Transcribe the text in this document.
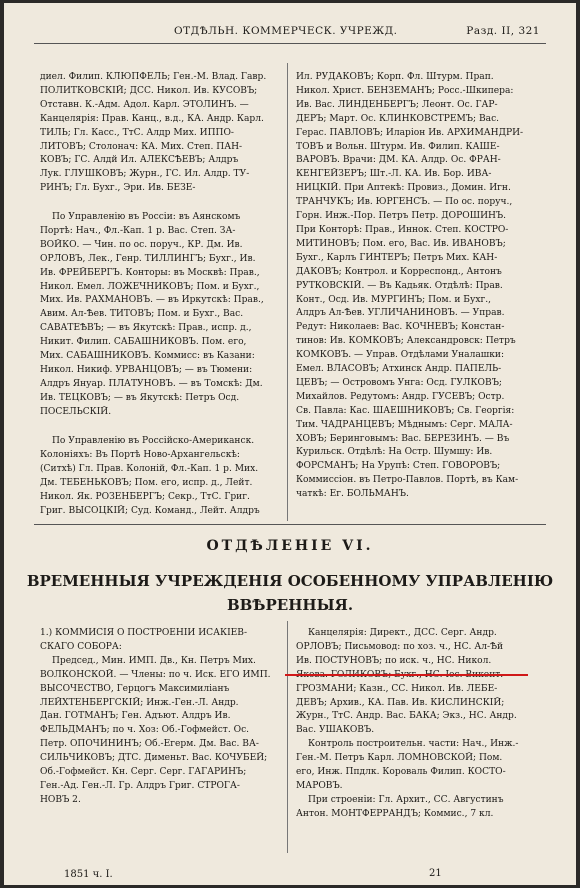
ОТДѢЛЬН. КОММЕРЧЕСК. УЧРЕЖД.	Разд. II, 321

диел. Филип. КЛЮПФЕЛЬ; Ген.-М. Влад. Гавр.

ПОЛИТКОВСКІЙ; ДСС. Никол. Ив. КУСОВЪ;

Отставн. К.-Адм. Адол. Карл. ЭТОЛИНЪ. —

Канцелярія: Прав. Канц., в.д., КА. Андр. Карл.

ТИЛЬ; Гл. Касс., ТтС. Алдр Мих. ИППО-

ЛИТОВЪ; Столонач: КА. Мих. Степ. ПАН-

КОВЪ; ГС. Алдй Ил. АЛЕКСѢЕВЪ; Алдръ

Лук. ГЛУШКОВЪ; Журн., ГС. Ил. Алдр. ТУ-

РИНЪ; Гл. Бухг., Эри. Ив. БЕЗЕ-

По Управленію въ Россіи: въ Аянскомъ

Портѣ: Нач., Фл.-Кап. 1 р. Вас. Степ. ЗА-

ВОЙКО. — Чин. по ос. поруч., КР. Дм. Ив.

ОРЛОВЪ, Лек., Генр. ТИЛЛИНГЪ; Бухг., Ив.

Ив. ФРЕЙБЕРГЪ. Конторы: въ Москвѣ: Прав.,

Никол. Емел. ЛОЖЕЧНИКОВЪ; Пом. и Бухг.,

Мих. Ив. РАХМАНОВЪ. — въ Иркутскѣ: Прав.,

Авим. Ал-Ѣев. ТИТОВЪ; Пом. и Бухг., Вас.

САВАТЕѢВЪ; — въ Якутскѣ: Прав., испр. д.,

Никит. Филип. САБАШНИКОВЪ. Пом. его,

Мих. САБАШНИКОВЪ. Коммисс: въ Казани:

Никол. Никиф. УРВАНЦОВЪ; — въ Тюмени:

Алдръ Януар. ПЛАТУНОВЪ. — въ Томскѣ: Дм.

Ив. ТЕЦКОВЪ; — въ Якутскѣ: Петръ Осд.

ПОСЕЛЬСКІЙ.

По Управленію въ Россійско-Американск.

Колоніяхъ: Въ Портѣ Ново-Архангельскѣ:

(Ситхѣ) Гл. Прав. Колоній, Фл.-Кап. 1 р. Мих.

Дм. ТЕБЕНЬКОВЪ; Пом. его, испр. д., Лейт.

Никол. Як. РОЗЕНБЕРГЪ; Секр., ТтС. Григ.

Григ. ВЫСОЦКІЙ; Суд. Команд., Лейт. Алдръ

Ил. РУДАКОВЪ; Корп. Фл. Штурм. Прап.

Никол. Христ. БЕНЗЕМАНЪ; Росс.-Шкипера:

Ив. Вас. ЛИНДЕНБЕРГЪ; Леонт. Ос. ГАР-

ДЕРЪ; Март. Ос. КЛИНКОВСТРЕМЪ; Вас.

Герас. ПАВЛОВЪ; Иларіон Ив. АРХИМАНДРИ-

ТОВЪ и Вольн. Штурм. Ив. Филип. КАШЕ-

ВАРОВЪ. Врачи: ДМ. КА. Алдр. Ос. ФРАН-

КЕНГЕЙЗЕРЪ; Шт.-Л. КА. Ив. Бор. ИВА-

НИЦКІЙ. При Аптекѣ: Провиз., Домин. Игн.

ТРАНЧУКЪ; Ив. ЮРГЕНСЪ. — По ос. поруч.,

Горн. Инж.-Пор. Петръ Петр. ДОРОШИНЪ.

При Конторѣ: Прав., Иннок. Степ. КОСТРО-

МИТИНОВЪ; Пом. его, Вас. Ив. ИВАНОВЪ;

Бухг., Карлъ ГИНТЕРЪ; Петръ Мих. КАН-

ДАКОВЪ; Контрол. и Корреспонд., Антонъ

РУТКОВСКІЙ. — Въ Кадьяк. Отдѣлѣ: Прав.

Конт., Осд. Ив. МУРГИНЪ; Пом. и Бухг.,

Алдръ Ал-Ѣев. УГЛИЧАНИНОВЪ. — Управ.

Редут: Николаев: Вас. КОЧНЕВЪ; Констан-

тинов: Ив. КОМКОВЪ; Александровск: Петръ

КОМКОВЪ. — Управ. Отдѣлами Уналашки:

Емел. ВЛАСОВЪ; Атхинск Андр. ПАПЕЛЬ-

ЦЕВЪ; — Островомъ Унга: Осд. ГУЛКОВЪ;

Михайлов. Редутомъ: Андр. ГУСЕВЪ; Остр.

Св. Павла: Кас. ШАЕШНИКОВЪ; Св. Георгія:

Тим. ЧАДРАНЦЕВЪ; Мѣднымъ: Серг. МАЛА-

ХОВЪ; Беринговымъ: Вас. БЕРЕЗИНЪ. — Въ

Курильск. Отдѣлѣ: На Остр. Шумшу: Ив.

ФОРСМАНЪ; На Урупѣ: Степ. ГОВОРОВЪ;

Коммиссіон. въ Петро-Павлов. Портѣ, въ Кам-

чаткѣ: Ег. БОЛЬМАНЪ.

ОТДѢЛЕНІЕ VI.
ВРЕМЕННЫЯ УЧРЕЖДЕНІЯ ОСОБЕННОМУ УПРАВЛЕНІЮ ВВѢРЕННЫЯ.

1.) КОММИСІЯ О ПОСТРОЕНІИ ИСАКІЕВ-

СКАГО СОБОРА:

Председ., Мин. ИМП. Дв., Кн. Петръ Мих.

ВОЛКОНСКОЙ. — Члены: по ч. Иск. ЕГО ИМП.

ВЫСОЧЕСТВО, Герцогъ Максимиліанъ

ЛЕЙХТЕНБЕРГСКІЙ; Инж.-Ген.-Л. Андр.

Дан. ГОТМАНЪ; Ген. Адъют. Алдръ Ив.

ФЕЛЬДМАНЪ; по ч. Хоз: Об.-Гофмейст. Ос.

Петр. ОПОЧИНИНЪ; Об.-Егерм. Дм. Вас. ВА-

СИЛЬЧИКОВЪ; ДТС. Дименьт. Вас. КОЧУБЕЙ;

Об.-Гофмейст. Кн. Серг. Серг. ГАГАРИНЪ;

Ген.-Ад. Ген.-Л. Гр. Алдръ Григ. СТРОГА-

НОВЪ 2.

Канцелярія: Директ., ДСС. Серг. Андр.

ОРЛОВЪ; Письмовод: по хоз. ч., НС. Ал-Ѣй

Ив. ПОСТУНОВЪ; по иск. ч., НС. Никол.

ГРОЗМАНИ; Казн., СС. Никол. Ив. ЛЕБЕ-

ДЕВЪ; Архив., КА. Пав. Ив. КИСЛИНСКІЙ;

Журн., ТтС. Андр. Вас. БАКА; Экз., НС. Андр.

Вас. УШАКОВЪ.

Контроль построительн. части: Нач., Инж.-

Ген.-М. Петръ Карл. ЛОМНОВСКОЙ; Пом.

его, Инж. Ппдлк. Короваль Филип. КОСТО-

МАРОВЪ.

При строеніи: Гл. Архит., СС. Августинъ

Антон. МОНТФЕРРАНДЪ; Коммис., 7 кл.

1851 ч. I.	21
